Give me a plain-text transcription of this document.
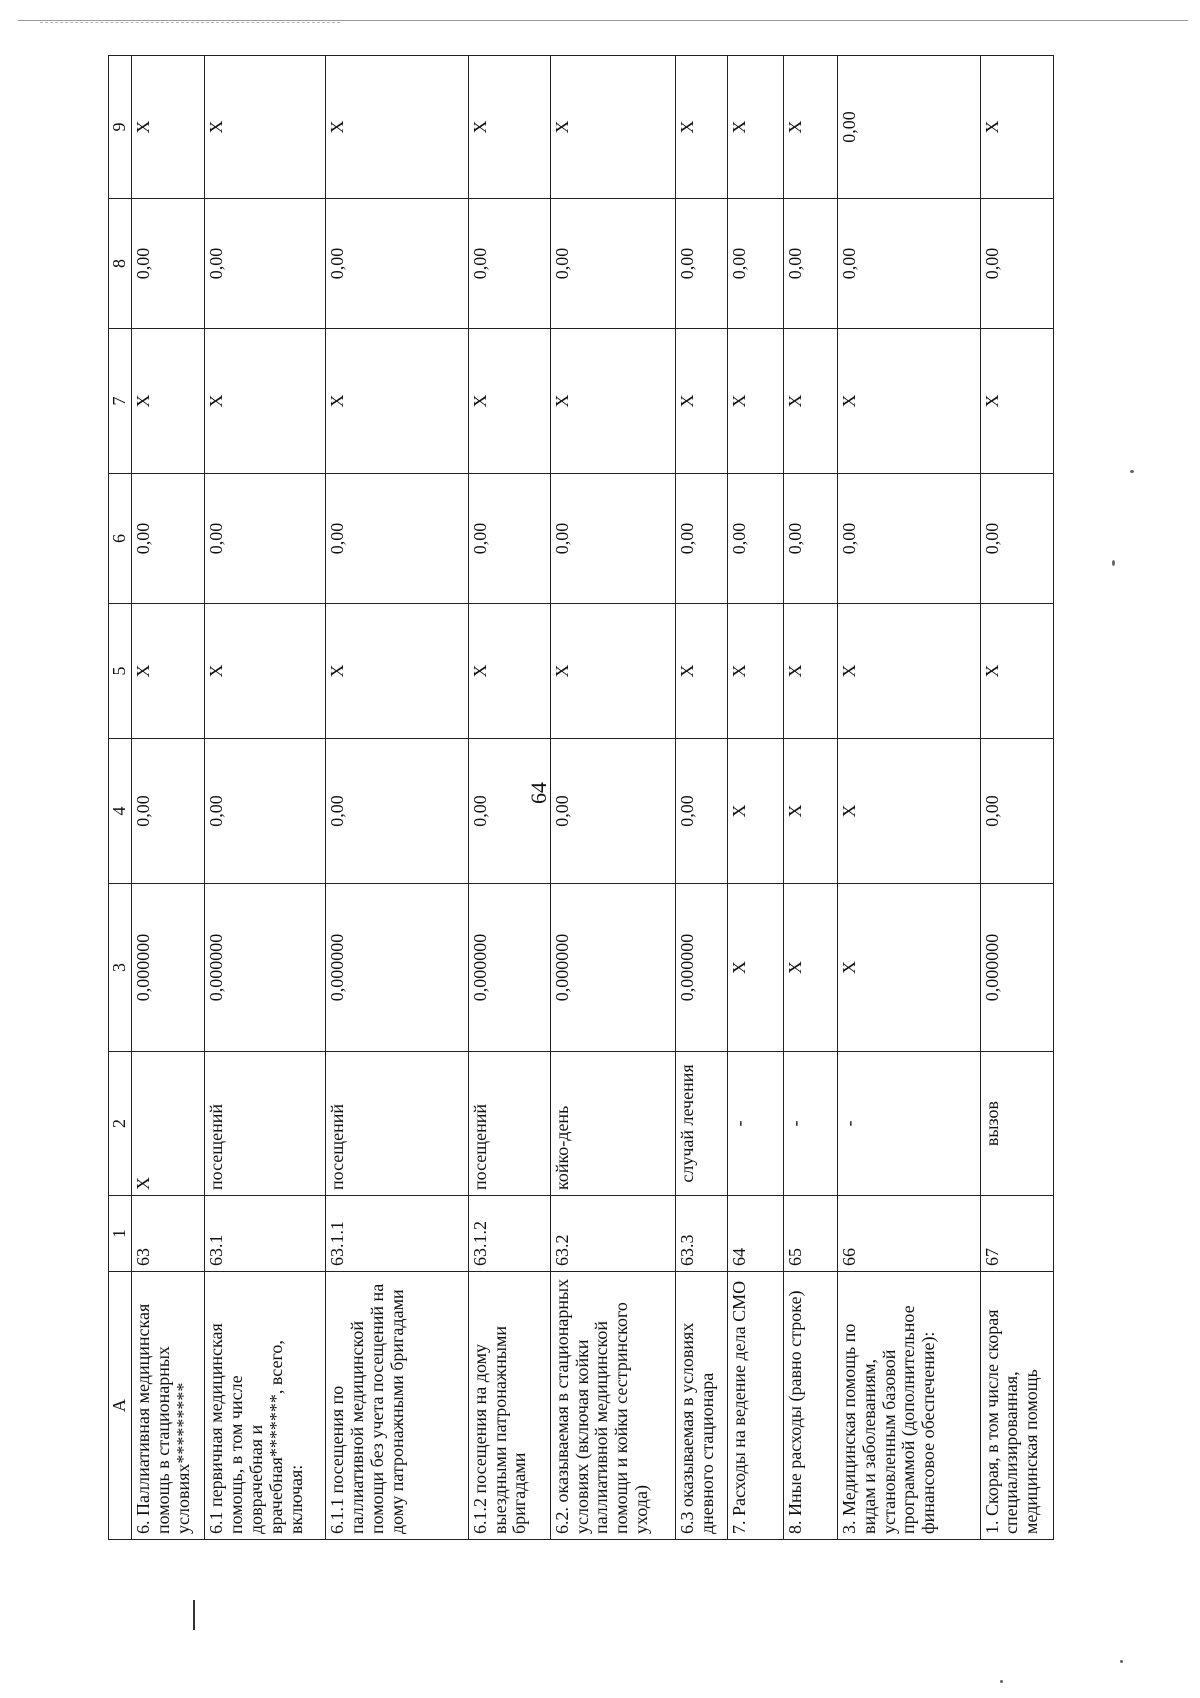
64
A	1	2	3	4	5	6	7	8	9
6. Паллиативная медицинская помощь в стационарных условиях*********	63	X	0,000000	0,00	X	0,00	X	0,00	X
6.1 первичная медицинская помощь, в том числе доврачебная и врачебная*******, всего, включая:	63.1	посещений	0,000000	0,00	X	0,00	X	0,00	X
6.1.1 посещения по паллиативной медицинской помощи без учета посещений на дому патронажными бригадами	63.1.1	посещений	0,000000	0,00	X	0,00	X	0,00	X
6.1.2 посещения на дому выездными патронажными бригадами	63.1.2	посещений	0,000000	0,00	X	0,00	X	0,00	X
6.2. оказываемая в стационарных условиях (включая койки паллиативной медицинской помощи и койки сестринского ухода)	63.2	койко-день	0,000000	0,00	X	0,00	X	0,00	X
6.3 оказываемая в условиях дневного стационара	63.3	случай лечения	0,000000	0,00	X	0,00	X	0,00	X
7. Расходы на ведение дела СМО	64	-	X	X	X	0,00	X	0,00	X
8. Иные расходы (равно строке)	65	-	X	X	X	0,00	X	0,00	X
3. Медицинская помощь по видам и заболеваниям, установленным базовой программой (дополнительное финансовое обеспечение):	66	-	X	X	X	0,00	X	0,00	0,00
1. Скорая, в том числе скорая специализированная, медицинская помощь	67	вызов	0,000000	0,00	X	0,00	X	0,00	X
